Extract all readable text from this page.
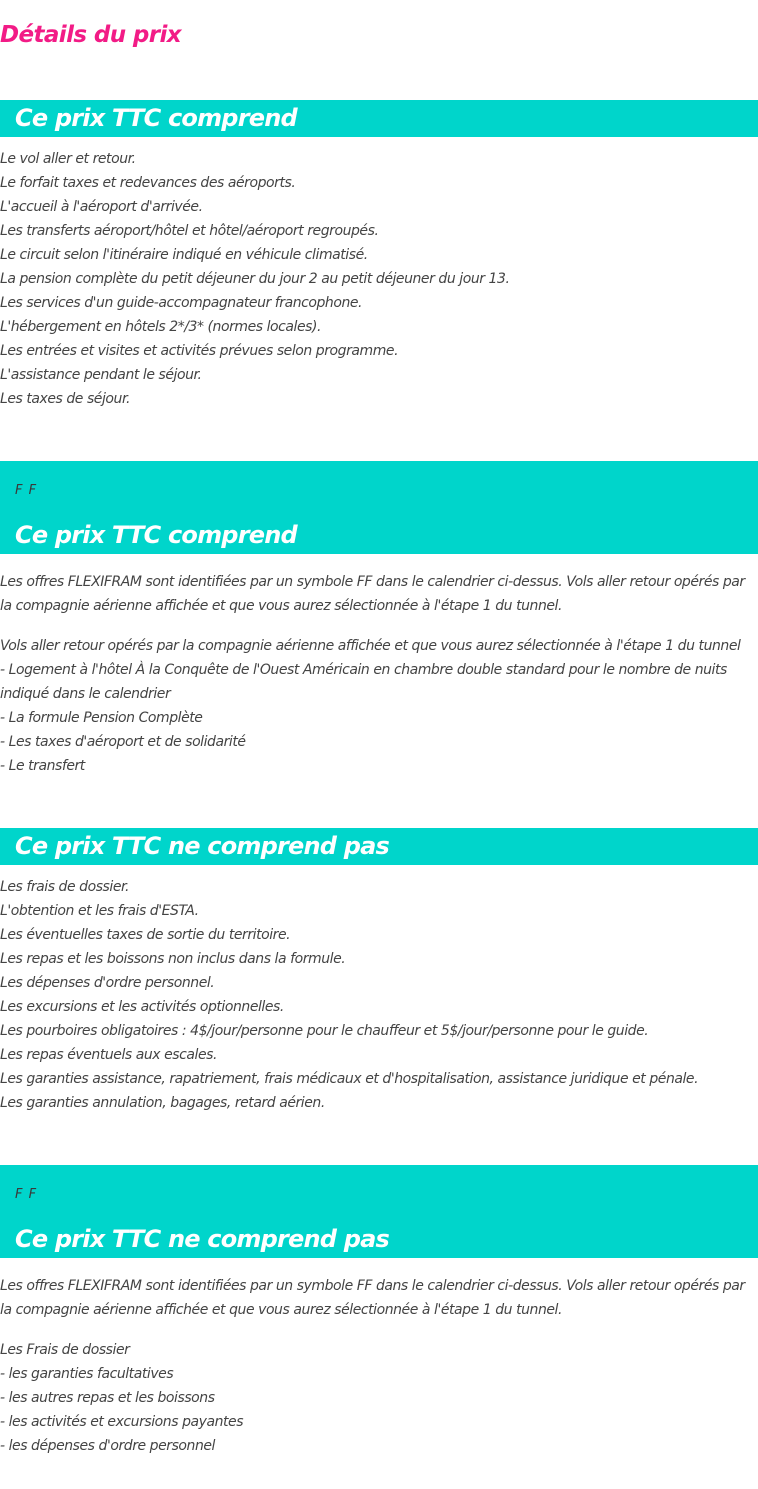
Détails du prix
Ce prix TTC comprend
Le vol aller et retour.
Le forfait taxes et redevances des aéroports.
L'accueil à l'aéroport d'arrivée.
Les transferts aéroport/hôtel et hôtel/aéroport regroupés.
Le circuit selon l'itinéraire indiqué en véhicule climatisé.
La pension complète du petit déjeuner du jour 2 au petit déjeuner du jour 13.
Les services d'un guide-accompagnateur francophone.
L'hébergement en hôtels 2*/3* (normes locales).
Les entrées et visites et activités prévues selon programme.
L'assistance pendant le séjour.
Les taxes de séjour.
F F
Ce prix TTC comprend

Les offres FLEXIFRAM sont identifiées par un symbole FF dans le calendrier ci-dessus. Vols aller retour opérés par la compagnie aérienne affichée et que vous aurez sélectionnée à l'étape 1 du tunnel.

Vols aller retour opérés par la compagnie aérienne affichée et que vous aurez sélectionnée à l'étape 1 du tunnel

- Logement à l'hôtel À la Conquête de l'Ouest Américain en chambre double standard pour le nombre de nuits indiqué dans le calendrier

- La formule Pension Complète
- Les taxes d'aéroport et de solidarité
- Le transfert
Ce prix TTC ne comprend pas
Les frais de dossier.
L'obtention et les frais d'ESTA.
Les éventuelles taxes de sortie du territoire.
Les repas et les boissons non inclus dans la formule.
Les dépenses d'ordre personnel.
Les excursions et les activités optionnelles.
Les pourboires obligatoires : 4$/jour/personne pour le chauffeur et 5$/jour/personne pour le guide.
Les repas éventuels aux escales.
Les garanties assistance, rapatriement, frais médicaux et d'hospitalisation, assistance juridique et pénale.
Les garanties annulation, bagages, retard aérien.
F F
Ce prix TTC ne comprend pas

Les offres FLEXIFRAM sont identifiées par un symbole FF dans le calendrier ci-dessus. Vols aller retour opérés par la compagnie aérienne affichée et que vous aurez sélectionnée à l'étape 1 du tunnel.

Les Frais de dossier
- les garanties facultatives
- les autres repas et les boissons
- les activités et excursions payantes
- les dépenses d'ordre personnel
